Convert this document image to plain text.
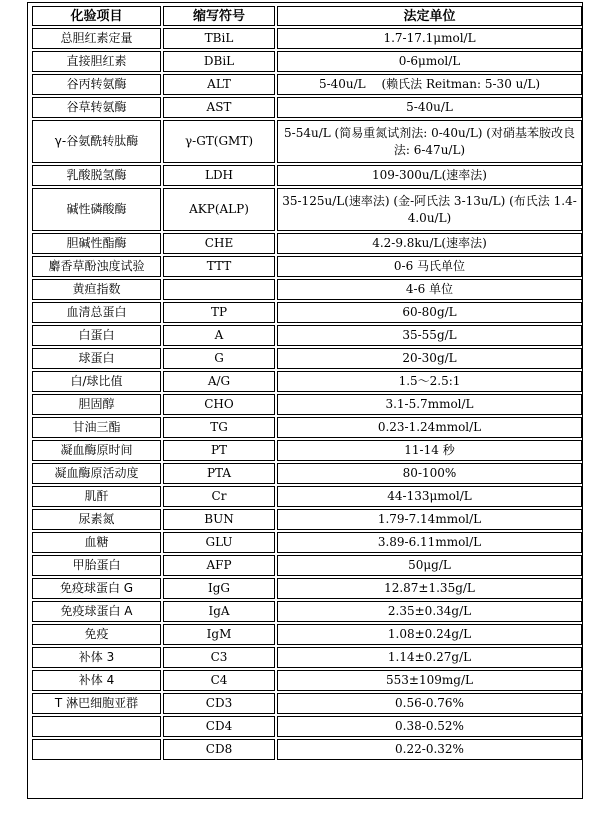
化验项目	缩写符号	法定单位
总胆红素定量	TBiL	1.7-17.1μmol/L
直接胆红素	DBiL	0-6μmol/L
谷丙转氨酶	ALT	5-40u/L　 (赖氏法 Reitman: 5-30 u/L)
谷草转氨酶	AST	5-40u/L
γ-谷氨酰转肽酶	γ-GT(GMT)	5-54u/L (简易重氮试剂法: 0-40u/L) (对硝基苯胺改良法: 6-47u/L)
乳酸脱氢酶	LDH	109-300u/L(速率法)
碱性磷酸酶	AKP(ALP)	35-125u/L(速率法) (金-阿氏法 3-13u/L) (布氏法 1.4-4.0u/L)
胆碱性酯酶	CHE	4.2-9.8ku/L(速率法)
麝香草酚浊度试验	TTT	0-6 马氏单位
黄疸指数		4-6 单位
血清总蛋白	TP	60-80g/L
白蛋白	A	35-55g/L
球蛋白	G	20-30g/L
白/球比值	A/G	1.5～2.5:1
胆固醇	CHO	3.1-5.7mmol/L
甘油三酯	TG	0.23-1.24mmol/L
凝血酶原时间	PT	11-14 秒
凝血酶原活动度	PTA	80-100%
肌酐	Cr	44-133μmol/L
尿素氮	BUN	1.79-7.14mmol/L
血糖	GLU	3.89-6.11mmol/L
甲胎蛋白	AFP	50μg/L
免疫球蛋白 G	IgG	12.87±1.35g/L
免疫球蛋白 A	IgA	2.35±0.34g/L
免疫	IgM	1.08±0.24g/L
补体 3	C3	1.14±0.27g/L
补体 4	C4	553±109mg/L
T 淋巴细胞亚群	CD3	0.56-0.76%
	CD4	0.38-0.52%
	CD8	0.22-0.32%
